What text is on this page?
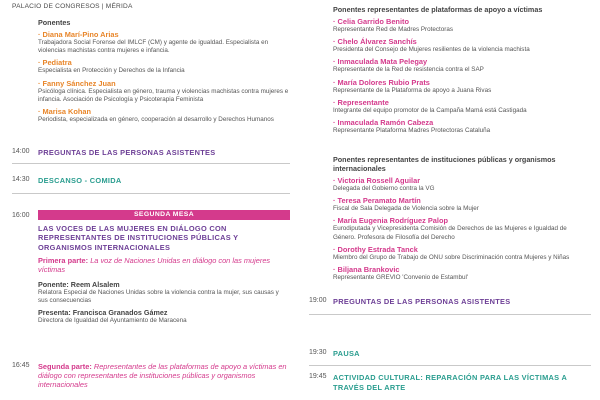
PALACIO DE CONGRESOS | MÉRIDA
Ponentes
· Diana Marí-Pino Arias
Trabajadora Social Forense del IMLCF (CM) y agente de igualdad. Especialista en violencias machistas contra mujeres e infancia.
· Pediatra
Especialista en Protección y Derechos de la Infancia
· Fanny Sánchez Juan
Psicóloga clínica. Especialista en género, trauma y violencias machistas contra mujeres e infancia. Asociación de Psicología y Psicoterapia Feminista
· Marisa Kohan
Periodista, especializada en género, cooperación al desarrollo y Derechos Humanos
14:00 PREGUNTAS DE LAS PERSONAS ASISTENTES
14:30 DESCANSO - COMIDA
16:00	SEGUNDA MESA
LAS VOCES DE LAS MUJERES EN DIÁLOGO CON REPRESENTANTES DE INSTITUCIONES PÚBLICAS Y ORGANISMOS INTERNACIONALES
Primera parte: La voz de Naciones Unidas en diálogo con las mujeres víctimas
Ponente: Reem Alsalem
Relatora Especial de Naciones Unidas sobre la violencia contra la mujer, sus causas y sus consecuencias
Presenta: Francisca Granados Gámez
Directora de Igualdad del Ayuntamiento de Maracena
16:45 Segunda parte: Representantes de las plataformas de apoyo a víctimas en diálogo con representantes de instituciones públicas y organismos internacionales
Ponentes representantes de plataformas de apoyo a víctimas
· Celia Garrido Benito
Representante Red de Madres Protectoras
· Chelo Álvarez Sanchís
Presidenta del Consejo de Mujeres resilientes de la violencia machista
· Inmaculada Mata Pelegay
Representante de la Red de resistencia contra el SAP
· María Dolores Rubio Prats
Representante de la Plataforma de apoyo a Juana Rivas
· Representante
Integrante del equipo promotor de la Campaña Mamá está Castigada
· Inmaculada Ramón Cabeza
Representante Plataforma Madres Protectoras Cataluña
Ponentes representantes de instituciones públicas y organismos internacionales
· Victoria Rossell Aguilar
Delegada del Gobierno contra la VG
· Teresa Peramato Martín
Fiscal de Sala Delegada de Violencia sobre la Mujer
· María Eugenia Rodríguez Palop
Eurodiputada y Vicepresidenta Comisión de Derechos de las Mujeres e Igualdad de Género. Profesora de Filosofía del Derecho
· Dorothy Estrada Tanck
Miembro del Grupo de Trabajo de ONU sobre Discriminación contra Mujeres y Niñas
· Biljana Brankovic
Representante GREVIO 'Convenio de Estambul'
19:00 PREGUNTAS DE LAS PERSONAS ASISTENTES
19:30 PAUSA
19:45 ACTIVIDAD CULTURAL: REPARACIÓN PARA LAS VÍCTIMAS A TRAVÉS DEL ARTE
